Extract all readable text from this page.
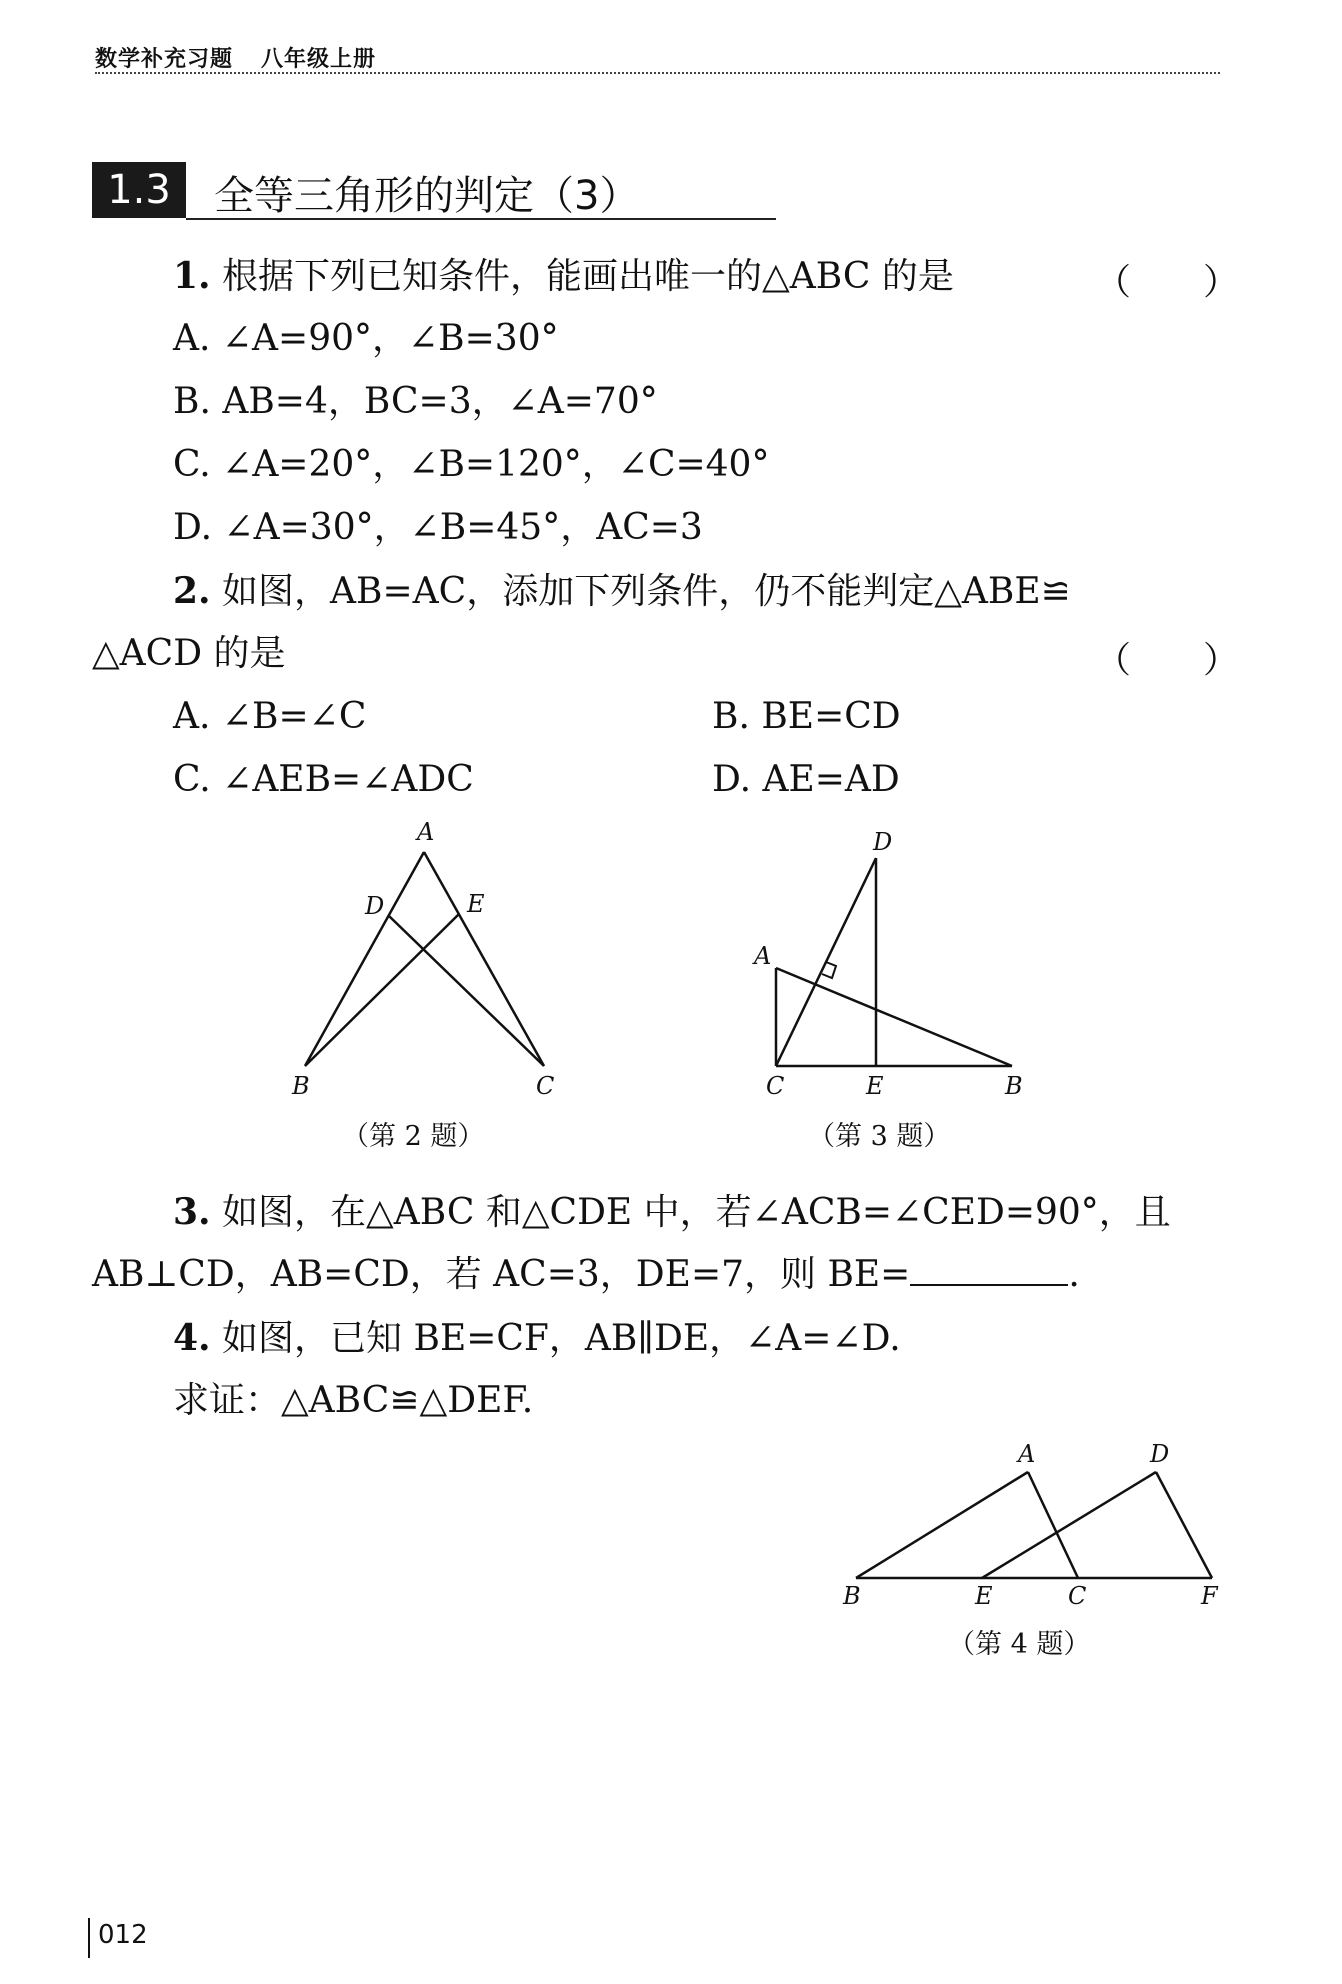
数学补充习题 八年级上册
1.3	全等三角形的判定（3）
1. 根据下列已知条件，能画出唯一的△ABC 的是	（　　）
A. ∠A=90°，∠B=30°
B. AB=4，BC=3，∠A=70°
C. ∠A=20°，∠B=120°，∠C=40°
D. ∠A=30°，∠B=45°，AC=3
2. 如图，AB=AC，添加下列条件，仍不能判定△ABE≌
△ACD 的是	（　　）
A. ∠B=∠C	B. BE=CD
C. ∠AEB=∠ADC	D. AE=AD
A
B	C
D	E
A
B
C
D
E
A
B	C
D
E	F
（第 2 题）	（第 3 题）
3. 如图，在△ABC 和△CDE 中，若∠ACB=∠CED=90°，且
AB⊥CD，AB=CD，若 AC=3，DE=7，则 BE=	.
4. 如图，已知 BE=CF，AB∥DE，∠A=∠D.
求证：△ABC≌△DEF.
（第 4 题）
012
